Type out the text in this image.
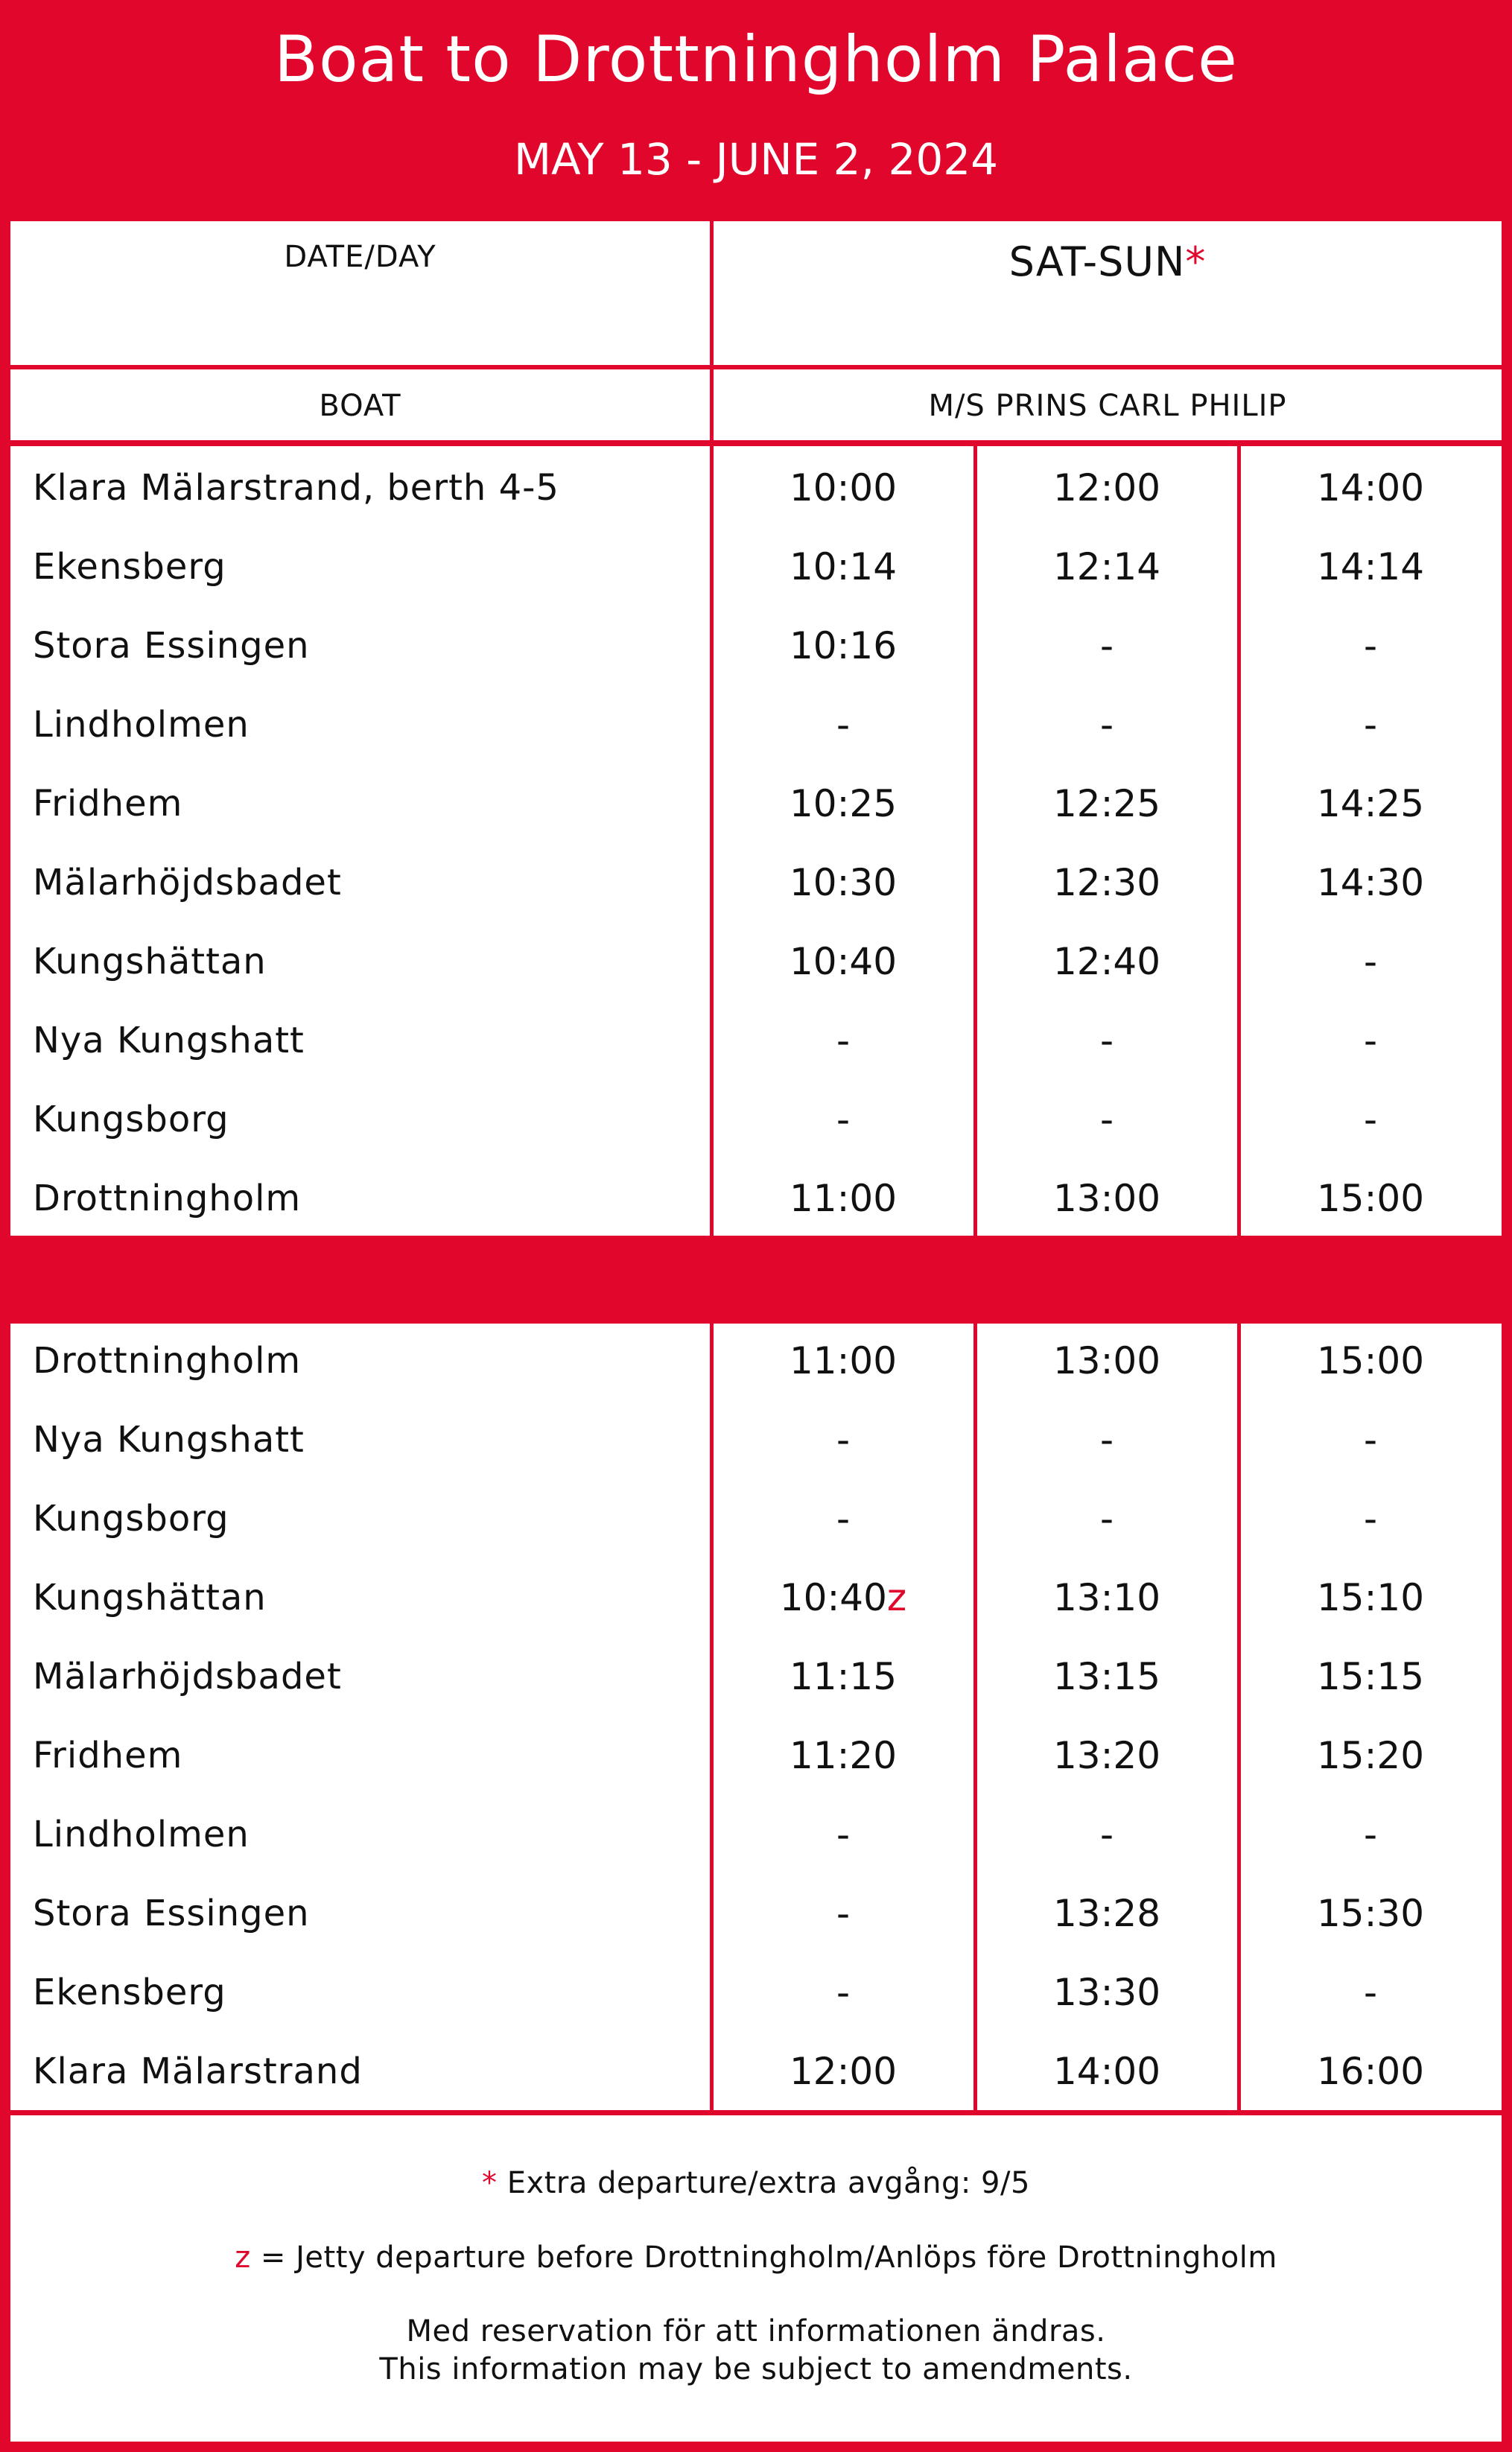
Boat to Drottningholm Palace
MAY 13 - JUNE 2, 2024
DATE/DAY	SAT-SUN*
BOAT	M/S PRINS CARL PHILIP
Klara Mälarstrand, berth 4-5	10:00	12:00	14:00
Ekensberg	10:14	12:14	14:14
Stora Essingen	10:16	-	-
Lindholmen	-	-	-
Fridhem	10:25	12:25	14:25
Mälarhöjdsbadet	10:30	12:30	14:30
Kungshättan	10:40	12:40	-
Nya Kungshatt	-	-	-
Kungsborg	-	-	-
Drottningholm	11:00	13:00	15:00
Drottningholm	11:00	13:00	15:00
Nya Kungshatt	-	-	-
Kungsborg	-	-	-
Kungshättan	10:40z	13:10	15:10
Mälarhöjdsbadet	11:15	13:15	15:15
Fridhem	11:20	13:20	15:20
Lindholmen	-	-	-
Stora Essingen	-	13:28	15:30
Ekensberg	-	13:30	-
Klara Mälarstrand	12:00	14:00	16:00
* Extra departure/extra avgång: 9/5
z = Jetty departure before Drottningholm/Anlöps före Drottningholm
Med reservation för att informationen ändras.
This information may be subject to amendments.
